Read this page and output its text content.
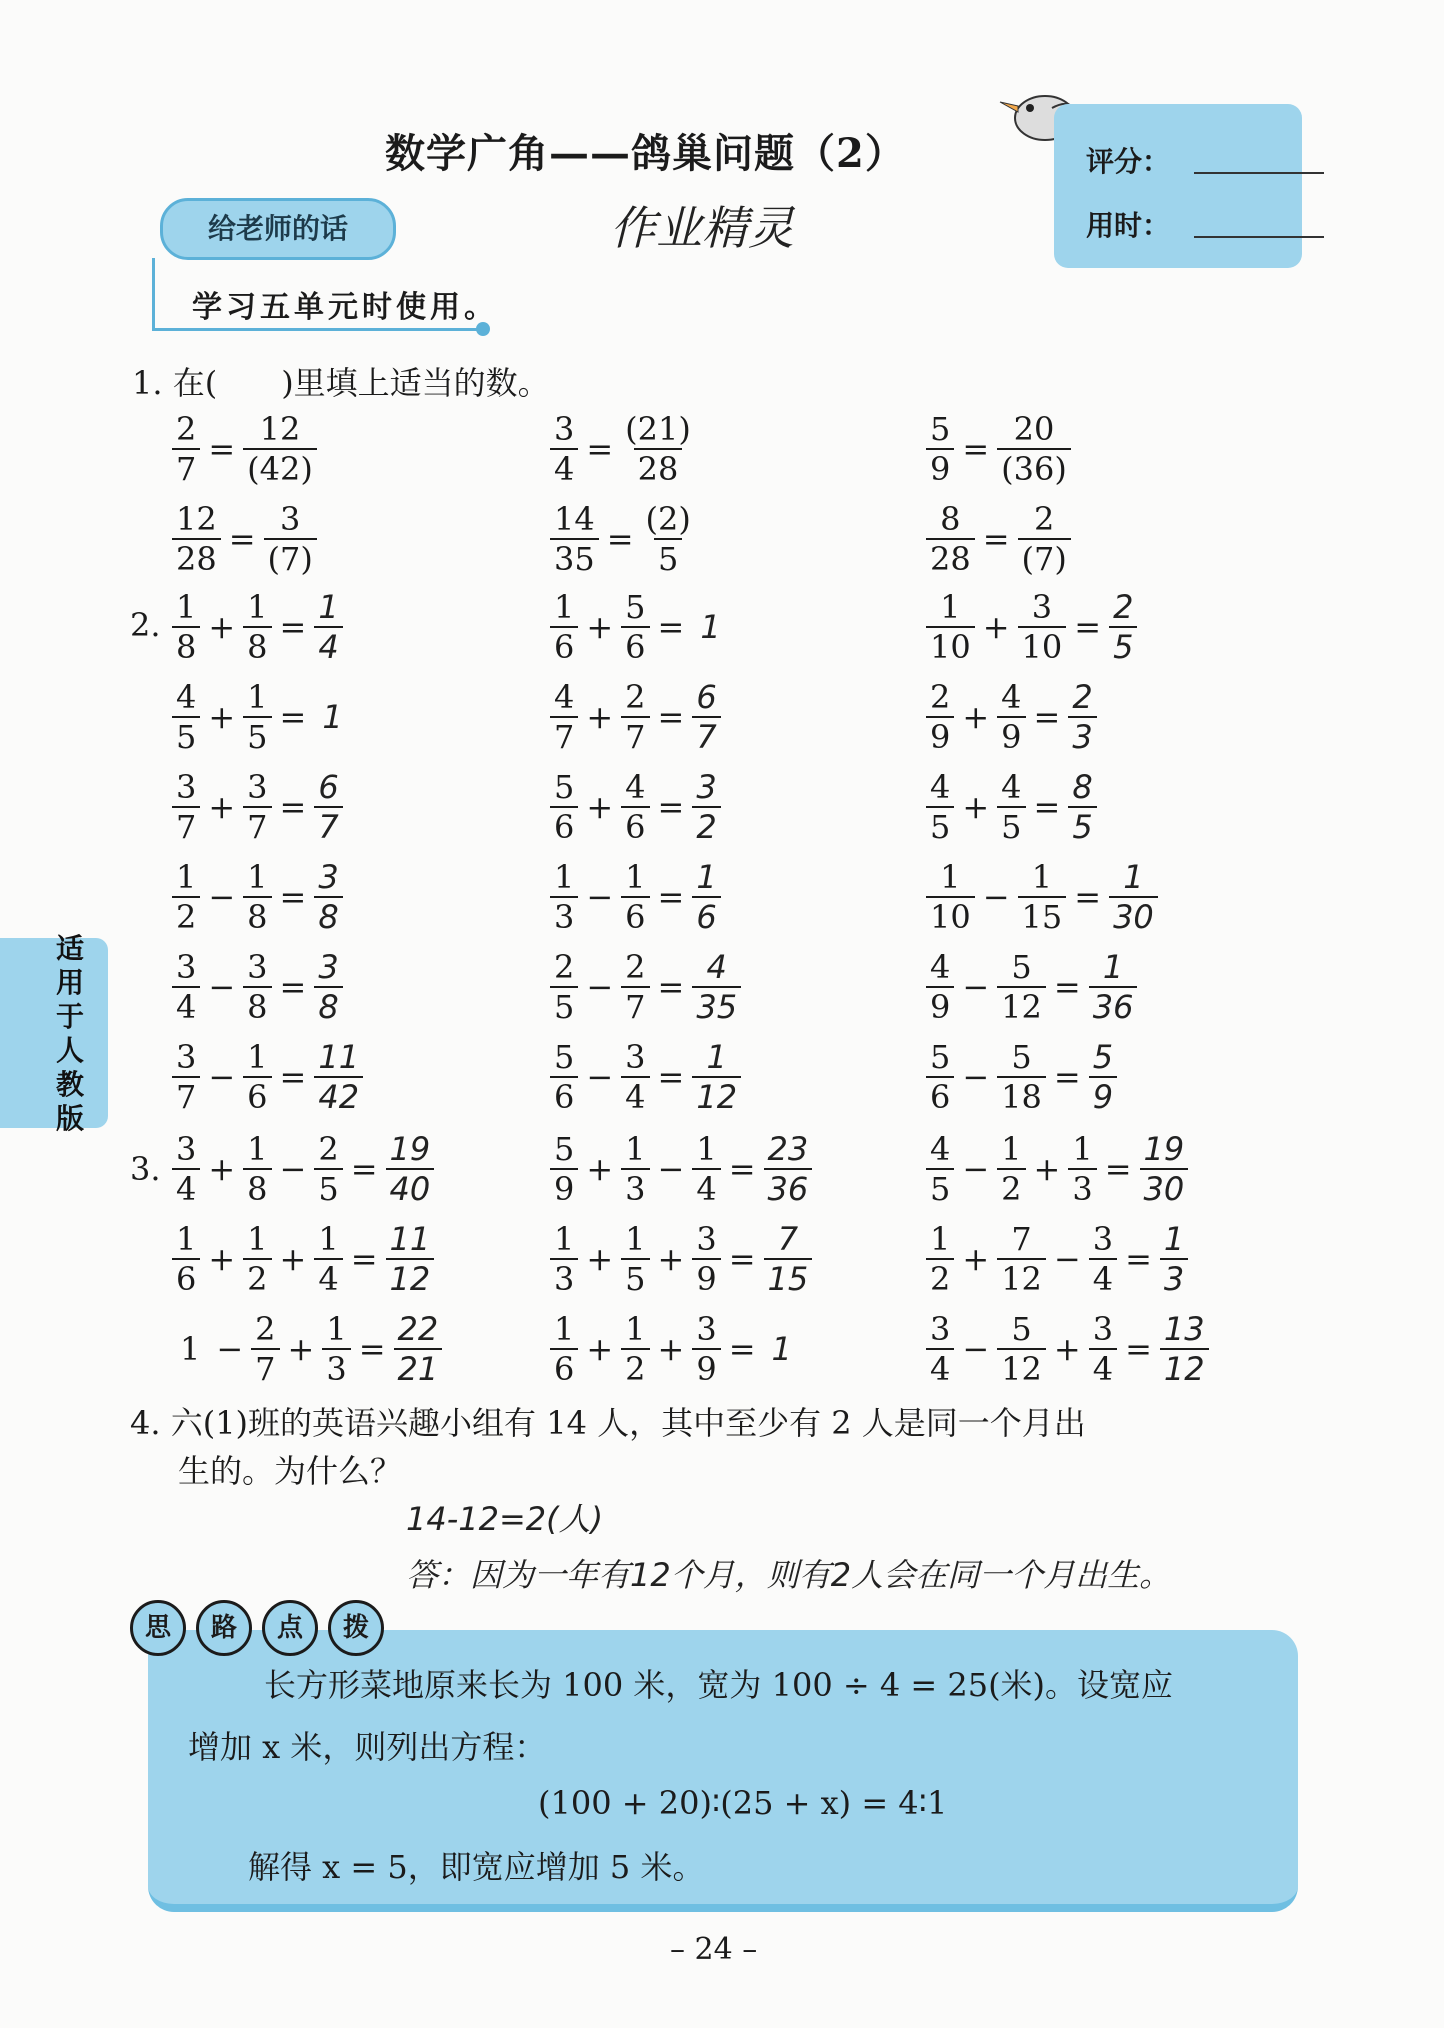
数学广角——鸽巢问题（2）
作业精灵
评分：
用时：
给老师的话
学习五单元时使用。
适用于人教版
1. 在(　　)里填上适当的数。
$\frac{2}{7} = \frac{12}{(42)}$	$\frac{3}{4} = \frac{(21)}{28}$	$\frac{5}{9} = \frac{20}{(36)}$
$\frac{12}{28} = \frac{3}{(7)}$	$\frac{14}{35} = \frac{(2)}{5}$	$\frac{8}{28} = \frac{2}{(7)}$
2. $\frac{1}{8} + \frac{1}{8} = \frac{1}{4}$	$\frac{1}{6} + \frac{5}{6} = 1$	$\frac{1}{10} + \frac{3}{10} = \frac{2}{5}$
$\frac{4}{5} + \frac{1}{5} = 1$	$\frac{4}{7} + \frac{2}{7} = \frac{6}{7}$	$\frac{2}{9} + \frac{4}{9} = \frac{2}{3}$
$\frac{3}{7} + \frac{3}{7} = \frac{6}{7}$	$\frac{5}{6} + \frac{4}{6} = \frac{3}{2}$	$\frac{4}{5} + \frac{4}{5} = \frac{8}{5}$
$\frac{1}{2} - \frac{1}{8} = \frac{3}{8}$	$\frac{1}{3} - \frac{1}{6} = \frac{1}{6}$	$\frac{1}{10} - \frac{1}{15} = \frac{1}{30}$
$\frac{3}{4} - \frac{3}{8} = \frac{3}{8}$	$\frac{2}{5} - \frac{2}{7} = \frac{4}{35}$	$\frac{4}{9} - \frac{5}{12} = \frac{1}{36}$
$\frac{3}{7} - \frac{1}{6} = \frac{11}{42}$	$\frac{5}{6} - \frac{3}{4} = \frac{1}{12}$	$\frac{5}{6} - \frac{5}{18} = \frac{5}{9}$
3. $\frac{3}{4} + \frac{1}{8} - \frac{2}{5} = \frac{19}{40}$	$\frac{5}{9} + \frac{1}{3} - \frac{1}{4} = \frac{23}{36}$	$\frac{4}{5} - \frac{1}{2} + \frac{1}{3} = \frac{19}{30}$
$\frac{1}{6} + \frac{1}{2} + \frac{1}{4} = \frac{11}{12}$	$\frac{1}{3} + \frac{1}{5} + \frac{3}{9} = \frac{7}{15}$	$\frac{1}{2} + \frac{7}{12} - \frac{3}{4} = \frac{1}{3}$
$1 - \frac{2}{7} + \frac{1}{3} = \frac{22}{21}$	$\frac{1}{6} + \frac{1}{2} + \frac{3}{9} = 1$	$\frac{3}{4} - \frac{5}{12} + \frac{3}{4} = \frac{13}{12}$
4. 六(1)班的英语兴趣小组有 14 人，其中至少有 2 人是同一个月出
生的。为什么？
14-12=2(人)
答：因为一年有12个月，则有2人会在同一个月出生。
长方形菜地原来长为 100 米，宽为 100 ÷ 4 = 25(米)。设宽应
增加 x 米，则列出方程：
(100 + 20)∶(25 + x) = 4∶1
解得 x = 5，即宽应增加 5 米。
思 路 点 拨
– 24 –
